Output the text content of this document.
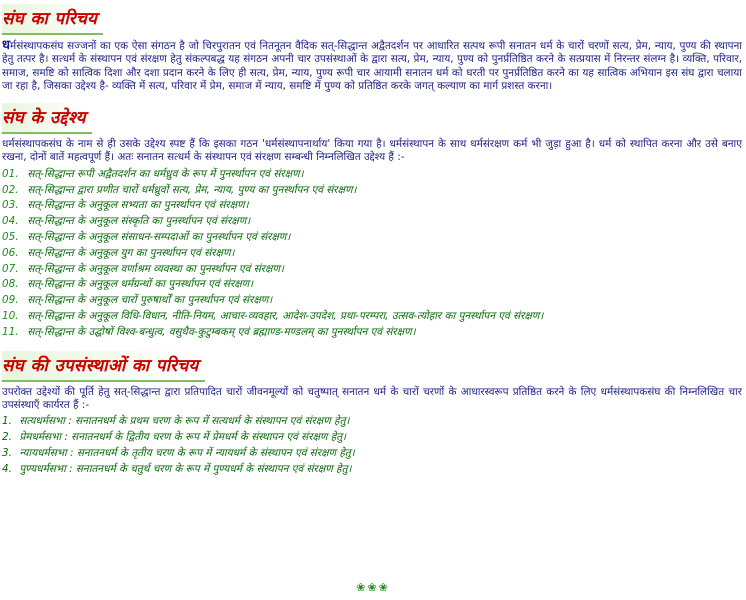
संघ का परिचय

धर्मसंस्थापकसंघ सज्जनों का एक ऐसा संगठन है जो चिरपुरातन एवं नितनूतन वैदिक सत्-सिद्धान्त अद्वैतदर्शन पर आधारित सत्पथ रूपी सनातन धर्म के चारों चरणों सत्य, प्रेम, न्याय, पुण्य की स्थापना हेतु तत्पर है। सत्धर्म के संस्थापन एवं संरक्षण हेतु संकल्पबद्ध यह संगठन अपनी चार उपसंस्थाओं के द्वारा सत्य, प्रेम, न्याय, पुण्य को पुनर्प्रतिष्ठित करने के सत्प्रयास में निरन्तर संलग्न है। व्यक्ति, परिवार, समाज, समष्टि को सात्विक दिशा और दशा प्रदान करने के लिए ही सत्य, प्रेम, न्याय, पुण्य रूपी चार आयामी सनातन धर्म को धरती पर पुनर्प्रतिष्ठित करने का यह सात्विक अभियान इस संघ द्वारा चलाया जा रहा है, जिसका उद्देश्य है- व्यक्ति में सत्य, परिवार में प्रेम, समाज में न्याय, समष्टि में पुण्य को प्रतिष्ठित करके जगत् कल्याण का मार्ग प्रशस्त करना।

संघ के उद्देश्य

धर्मसंस्थापकसंघ के नाम से ही उसके उद्देश्य स्पष्ट हैं कि इसका गठन 'धर्मसंस्थापनार्थाय' किया गया है। धर्मसंस्थापन के साथ धर्मसंरक्षण कर्म भी जुड़ा हुआ है। धर्म को स्थापित करना और उसे बनाए रखना, दोनों बातें महत्वपूर्ण हैं। अतः सनातन सत्धर्म के संस्थापन एवं संरक्षण सम्बन्धी निम्नलिखित उद्देश्य हैं :-

01. सत्-सिद्धान्त रूपी अद्वैतदर्शन का धर्मध्रुव के रूप में पुनर्स्थापन एवं संरक्षण।
02. सत्-सिद्धान्त द्वारा प्रणीत चारों धर्मध्रुवों सत्य, प्रेम, न्याय, पुण्य का पुनर्स्थापन एवं संरक्षण।
03. सत्-सिद्धान्त के अनुकूल सभ्यता का पुनर्स्थापन एवं संरक्षण।
04. सत्-सिद्धान्त के अनुकूल संस्कृति का पुनर्स्थापन एवं संरक्षण।
05. सत्-सिद्धान्त के अनुकूल संसाधन-सम्पदाओं का पुनर्स्थापन एवं संरक्षण।
06. सत्-सिद्धान्त के अनुकूल युग का पुनर्स्थापन एवं संरक्षण।
07. सत्-सिद्धान्त के अनुकूल वर्णाश्रम व्यवस्था का पुनर्स्थापन एवं संरक्षण।
08. सत्-सिद्धान्त के अनुकूल धर्मग्रन्थों का पुनर्स्थापन एवं संरक्षण।
09. सत्-सिद्धान्त के अनुकूल चारों पुरुषार्थों का पुनर्स्थापन एवं संरक्षण।
10. सत्-सिद्धान्त के अनुकूल विधि-विधान, नीति-नियम, आचार-व्यवहार, आदेश-उपदेश, प्रथा-परम्परा, उत्सव-त्योहार का पुनर्स्थापन एवं संरक्षण।
11. सत्-सिद्धान्त के उद्घोषों विश्व-बन्धुत्व, वसुधैव-कुटुम्बकम् एवं ब्रह्माण्ड-मण्डलम् का पुनर्स्थापन एवं संरक्षण।
संघ की उपसंस्थाओं का परिचय

उपरोक्त उद्देश्यों की पूर्ति हेतु सत्-सिद्धान्त द्वारा प्रतिपादित चारों जीवनमूल्यों को चतुष्पात् सनातन धर्म के चारों चरणों के आधारस्वरूप प्रतिष्ठित करने के लिए धर्मसंस्थापकसंघ की निम्नलिखित चार उपसंस्थाएँ कार्यरत हैं :-

1. सत्यधर्मसभा : सनातनधर्म के प्रथम चरण के रूप में सत्यधर्म के संस्थापन एवं संरक्षण हेतु।
2. प्रेमधर्मसभा : सनातनधर्म के द्वितीय चरण के रूप में प्रेमधर्म के संस्थापन एवं संरक्षण हेतु।
3. न्यायधर्मसभा : सनातनधर्म के तृतीय चरण के रूप में न्यायधर्म के संस्थापन एवं संरक्षण हेतु।
4. पुण्यधर्मसभा : सनातनधर्म के चतुर्थ चरण के रूप में पुण्यधर्म के संस्थापन एवं संरक्षण हेतु।
❀❀❀
